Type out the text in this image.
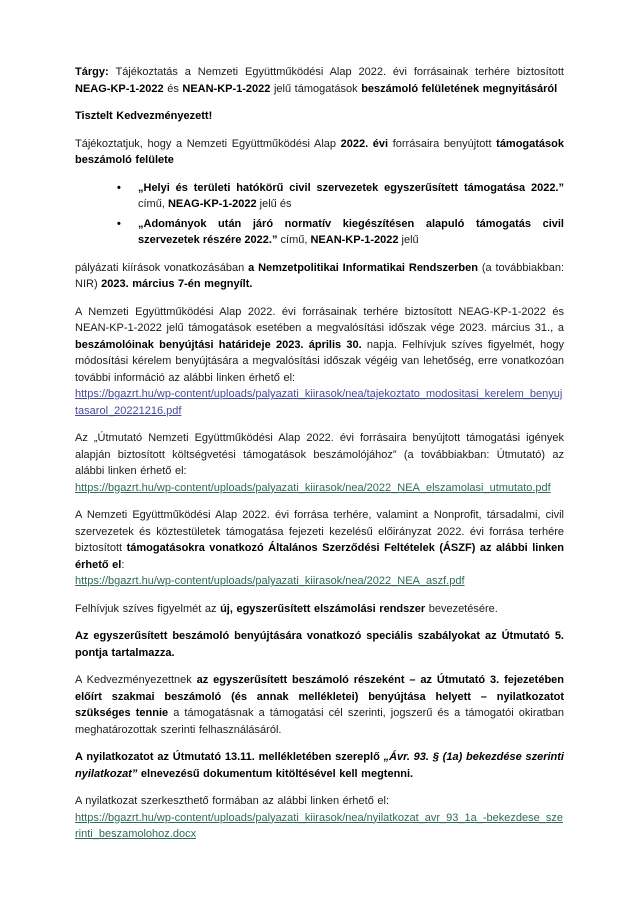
Tárgy: Tájékoztatás a Nemzeti Együttműködési Alap 2022. évi forrásainak terhére biztosított NEAG-KP-1-2022 és NEAN-KP-1-2022 jelű támogatások beszámoló felületének megnyitásáról

Tisztelt Kedvezményezett!

Tájékoztatjuk, hogy a Nemzeti Együttműködési Alap 2022. évi forrásaira benyújtott támogatások beszámoló felülete

• „Helyi és területi hatókörű civil szervezetek egyszerűsített támogatása 2022.” című, NEAG-KP-1-2022 jelű és
• „Adományok után járó normatív kiegészítésen alapuló támogatás civil szervezetek részére 2022.” című, NEAN-KP-1-2022 jelű

pályázati kiírások vonatkozásában a Nemzetpolitikai Informatikai Rendszerben (a továbbiakban: NIR) 2023. március 7-én megnyílt.

A Nemzeti Együttműködési Alap 2022. évi forrásainak terhére biztosított NEAG-KP-1-2022 és NEAN-KP-1-2022 jelű támogatások esetében a megvalósítási időszak vége 2023. március 31., a beszámolóinak benyújtási határideje 2023. április 30. napja. Felhívjuk szíves figyelmét, hogy módosítási kérelem benyújtására a megvalósítási időszak végéig van lehetőség, erre vonatkozóan további információ az alábbi linken érhető el:

https://bgazrt.hu/wp-content/uploads/palyazati_kiirasok/nea/tajekoztato_modositasi_kerelem_benyujtasarol_20221216.pdf

Az „Útmutató Nemzeti Együttműködési Alap 2022. évi forrásaira benyújtott támogatási igények alapján biztosított költségvetési támogatások beszámolójához” (a továbbiakban: Útmutató) az alábbi linken érhető el:

https://bgazrt.hu/wp-content/uploads/palyazati_kiirasok/nea/2022_NEA_elszamolasi_utmutato.pdf

A Nemzeti Együttműködési Alap 2022. évi forrása terhére, valamint a Nonprofit, társadalmi, civil szervezetek és köztestületek támogatása fejezeti kezelésű előirányzat 2022. évi forrása terhére biztosított támogatásokra vonatkozó Általános Szerződési Feltételek (ÁSZF) az alábbi linken érhető el:

https://bgazrt.hu/wp-content/uploads/palyazati_kiirasok/nea/2022_NEA_aszf.pdf

Felhívjuk szíves figyelmét az új, egyszerűsített elszámolási rendszer bevezetésére.

Az egyszerűsített beszámoló benyújtására vonatkozó speciális szabályokat az Útmutató 5. pontja tartalmazza.

A Kedvezményezettnek az egyszerűsített beszámoló részeként – az Útmutató 3. fejezetében előírt szakmai beszámoló (és annak mellékletei) benyújtása helyett – nyilatkozatot szükséges tennie a támogatásnak a támogatási cél szerinti, jogszerű és a támogatói okiratban meghatározottak szerinti felhasználásáról.

A nyilatkozatot az Útmutató 13.11. mellékletében szereplő „Ávr. 93. § (1a) bekezdése szerinti nyilatkozat” elnevezésű dokumentum kitöltésével kell megtenni.

A nyilatkozat szerkeszthető formában az alábbi linken érhető el:

https://bgazrt.hu/wp-content/uploads/palyazati_kiirasok/nea/nyilatkozat_avr_93_1a_-bekezdese_szerinti_beszamolohoz.docx
